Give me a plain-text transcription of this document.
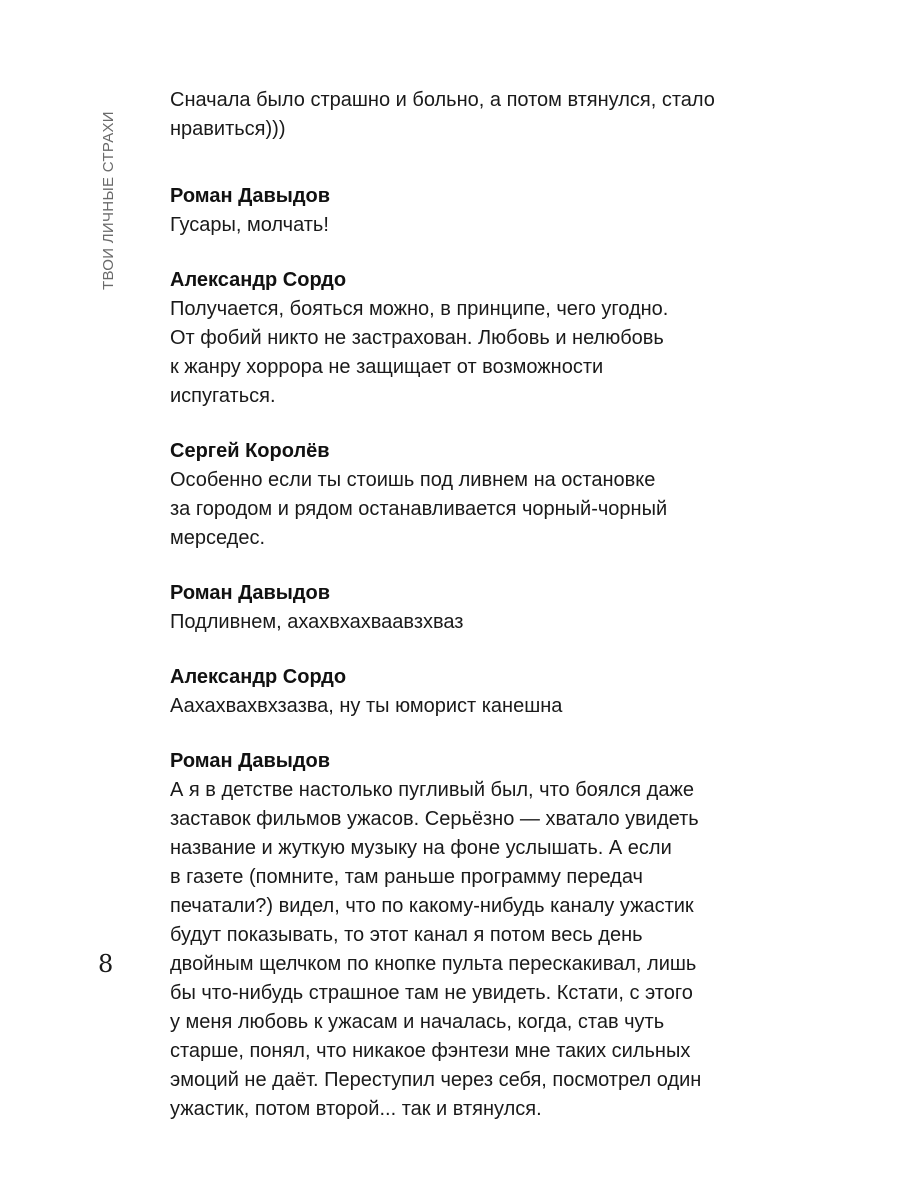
ТВОИ ЛИЧНЫЕ СТРАХИ
8
Сначала было страшно и больно, а потом втянулся, стало
нравиться)))
Роман Давыдов
Гусары, молчать!
Александр Сордо
Получается, бояться можно, в принципе, чего угодно.
От фобий никто не застрахован. Любовь и нелюбовь
к жанру хоррора не защищает от возможности
испугаться.
Сергей Королёв
Особенно если ты стоишь под ливнем на остановке
за городом и рядом останавливается чорный-чорный
мерседес.
Роман Давыдов
Подливнем, ахахвхахваавзхваз
Александр Сордо
Аахахвахвхзазва, ну ты юморист канешна
Роман Давыдов
А я в детстве настолько пугливый был, что боялся даже
заставок фильмов ужасов. Серьёзно — хватало увидеть
название и жуткую музыку на фоне услышать. А если
в газете (помните, там раньше программу передач
печатали?) видел, что по какому-нибудь каналу ужастик
будут показывать, то этот канал я потом весь день
двойным щелчком по кнопке пульта перескакивал, лишь
бы что-нибудь страшное там не увидеть. Кстати, с этого
у меня любовь к ужасам и началась, когда, став чуть
старше, понял, что никакое фэнтези мне таких сильных
эмоций не даёт. Переступил через себя, посмотрел один
ужастик, потом второй... так и втянулся.
